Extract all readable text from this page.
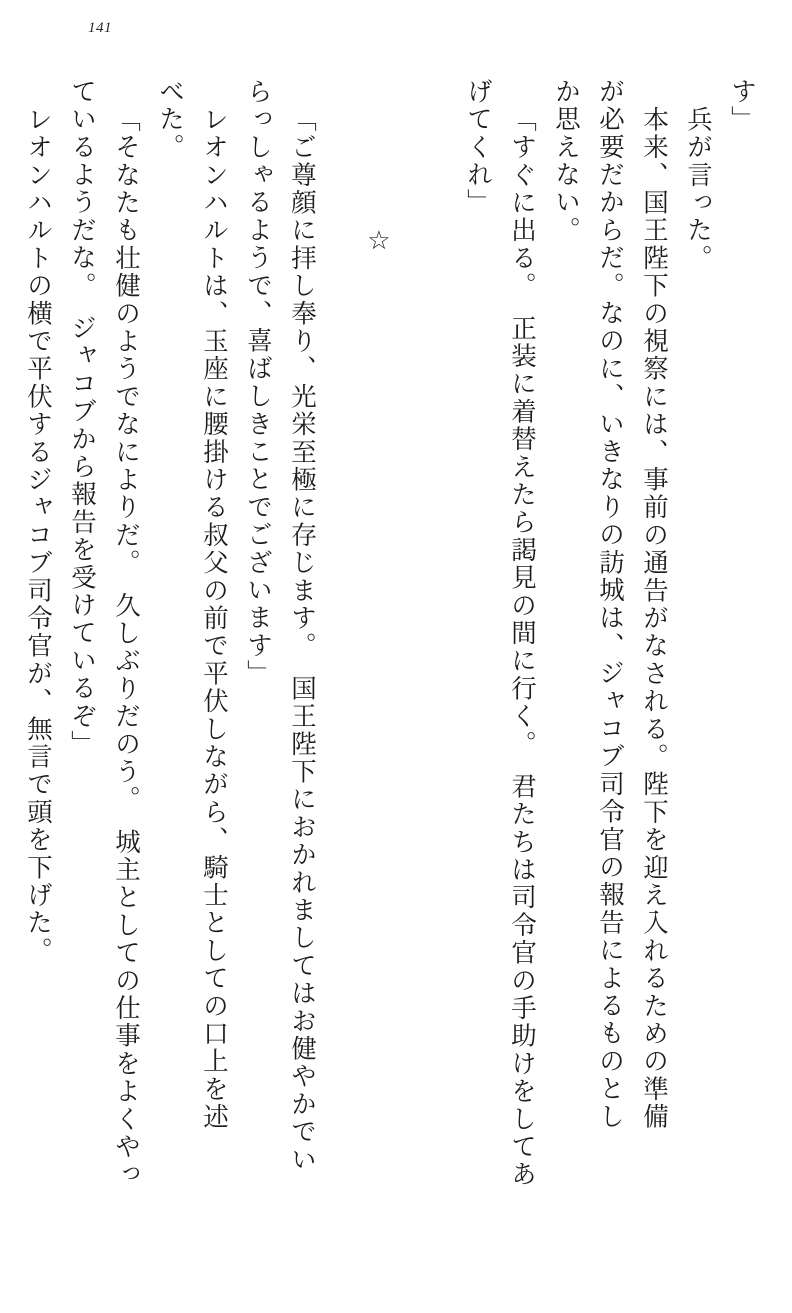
141
す」
兵が言った。
本来、国王陛下の視察には、事前の通告がなされる。陛下を迎え入れるための準備
が必要だからだ。なのに、いきなりの訪城は、ジャコブ司令官の報告によるものとし
か思えない。
「すぐに出る。　正装に着替えたら謁見の間に行く。　君たちは司令官の手助けをしてあ
げてくれ」
☆
「ご尊顔に拝し奉り、光栄至極に存じます。　国王陛下におかれましてはお健やかでい
らっしゃるようで、喜ばしきことでございます」
レオンハルトは、玉座に腰掛ける叔父の前で平伏しながら、騎士としての口上を述
べた。
「そなたも壮健のようでなによりだ。　久しぶりだのう。　城主としての仕事をよくやっ
ているようだな。　ジャコブから報告を受けているぞ」
レオンハルトの横で平伏するジャコブ司令官が、無言で頭を下げた。
